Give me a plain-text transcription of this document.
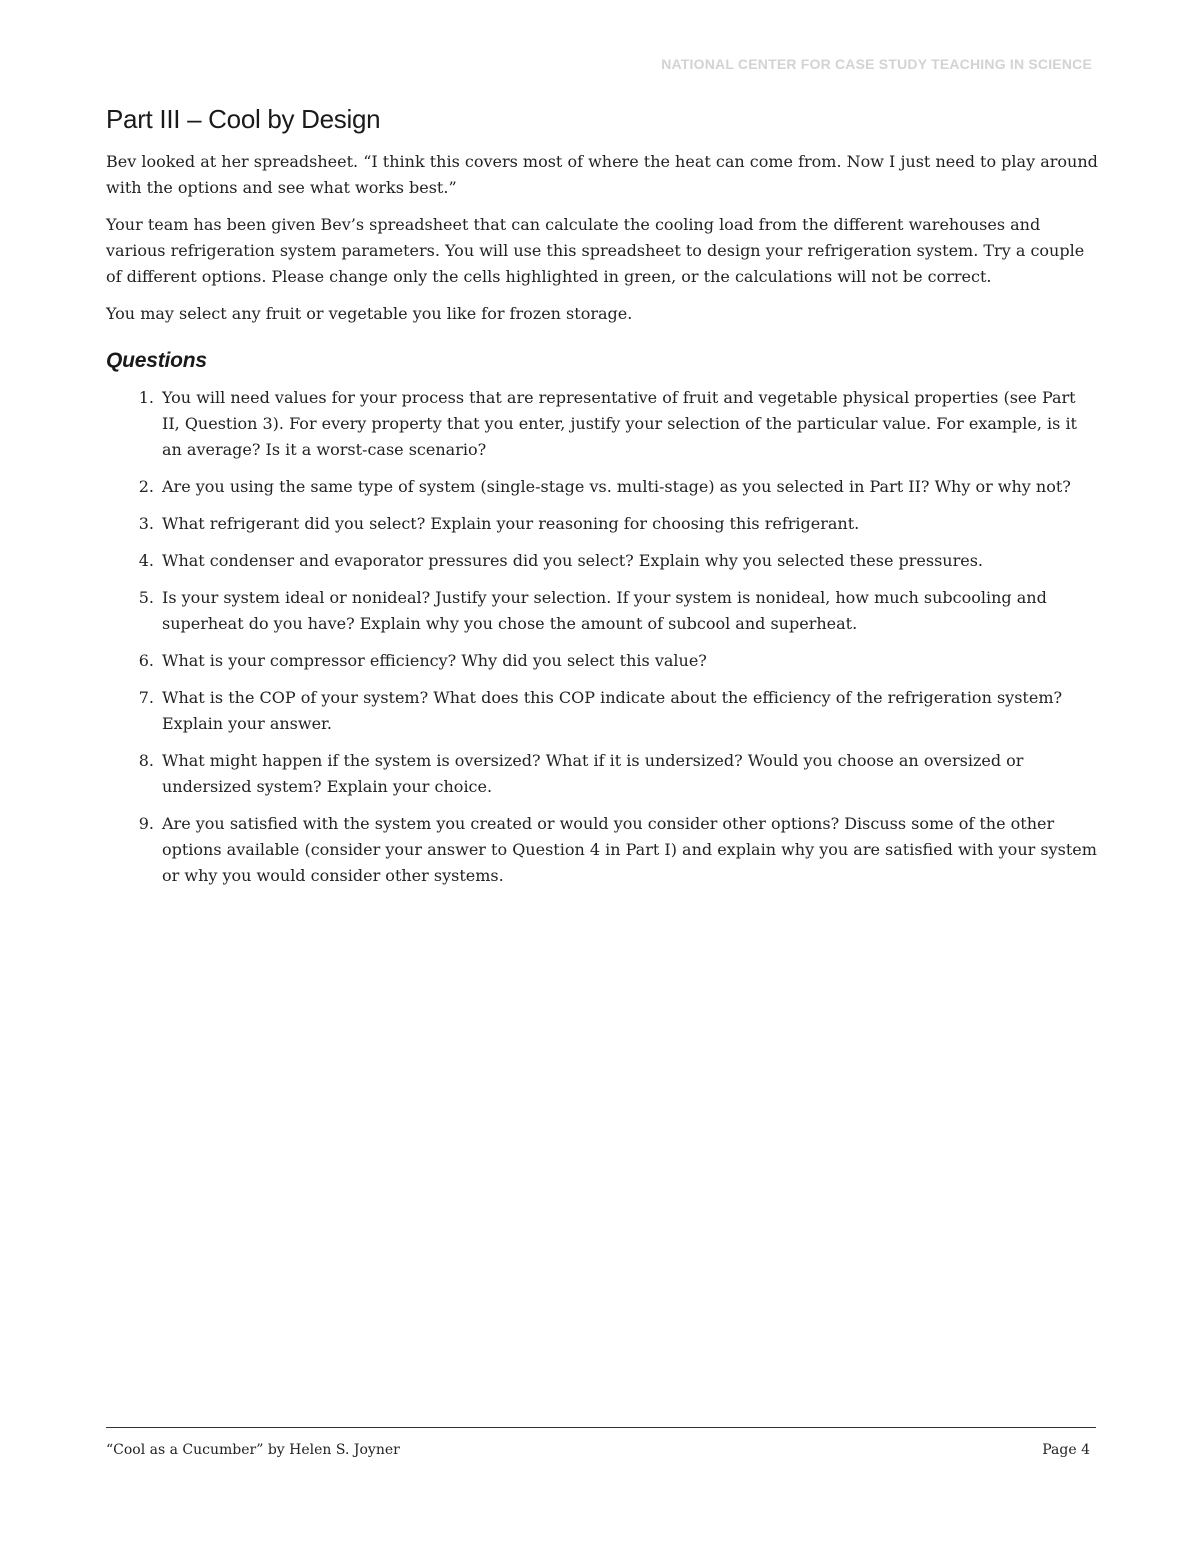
NATIONAL CENTER FOR CASE STUDY TEACHING IN SCIENCE
Part III – Cool by Design

Bev looked at her spreadsheet. “I think this covers most of where the heat can come from. Now I just need to play around with the options and see what works best.”

Your team has been given Bev’s spreadsheet that can calculate the cooling load from the different warehouses and various refrigeration system parameters. You will use this spreadsheet to design your refrigeration system. Try a couple of different options. Please change only the cells highlighted in green, or the calculations will not be correct.

You may select any fruit or vegetable you like for frozen storage.

Questions
1. You will need values for your process that are representative of fruit and vegetable physical properties (see Part II, Question 3). For every property that you enter, justify your selection of the particular value. For example, is it an average? Is it a worst-case scenario?
2. Are you using the same type of system (single-stage vs. multi-stage) as you selected in Part II? Why or why not?
3. What refrigerant did you select? Explain your reasoning for choosing this refrigerant.
4. What condenser and evaporator pressures did you select? Explain why you selected these pressures.
5. Is your system ideal or nonideal? Justify your selection. If your system is nonideal, how much subcooling and superheat do you have? Explain why you chose the amount of subcool and superheat.
6. What is your compressor efficiency? Why did you select this value?
7. What is the COP of your system? What does this COP indicate about the efficiency of the refrigeration system? Explain your answer.
8. What might happen if the system is oversized? What if it is undersized? Would you choose an oversized or undersized system? Explain your choice.
9. Are you satisfied with the system you created or would you consider other options? Discuss some of the other options available (consider your answer to Question 4 in Part I) and explain why you are satisfied with your system or why you would consider other systems.
“Cool as a Cucumber” by Helen S. Joyner	Page 4
